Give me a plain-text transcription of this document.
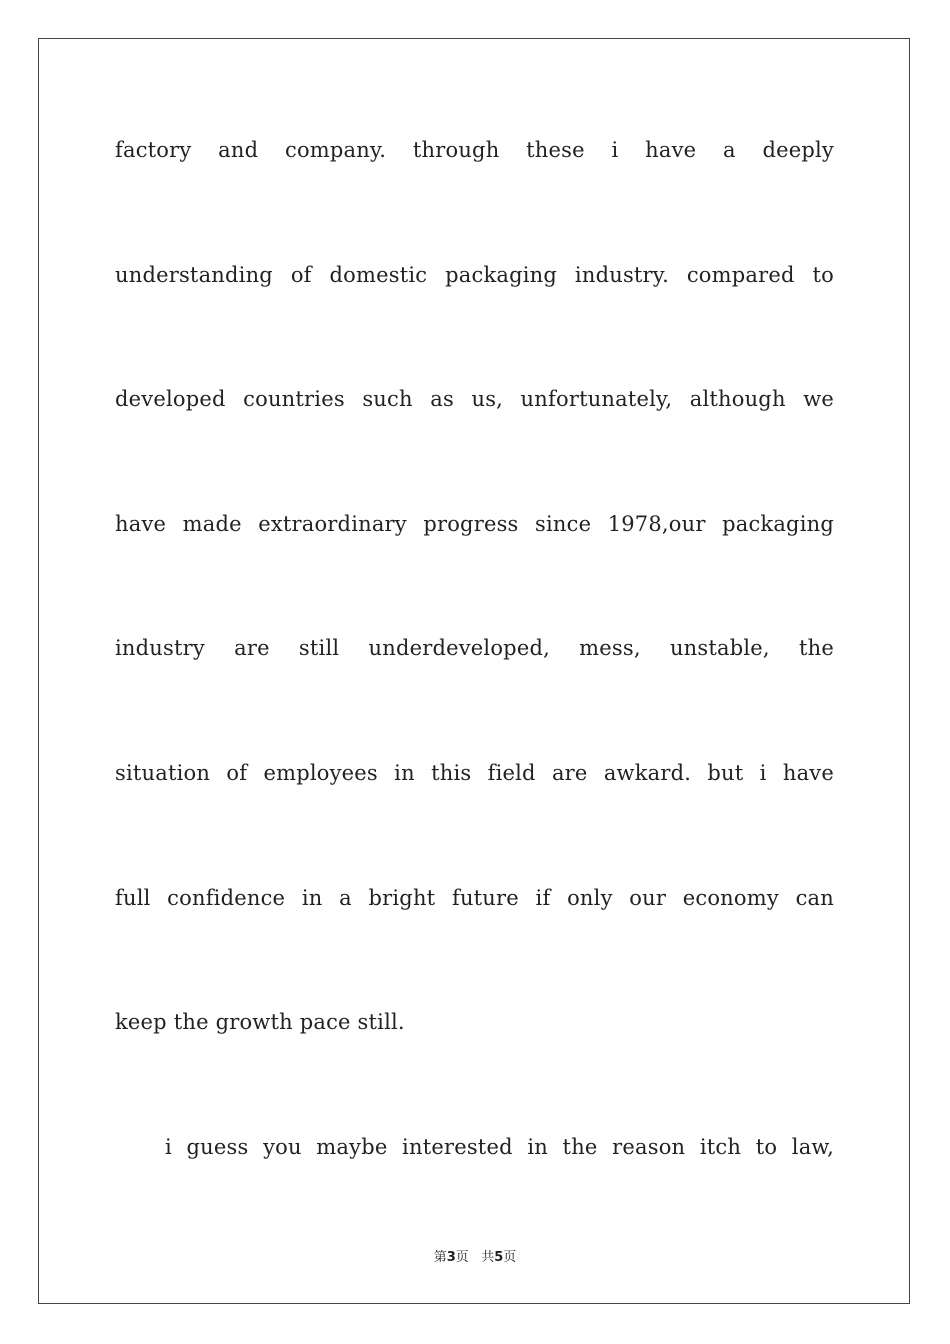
factory and company. through these i have a deeply
understanding of domestic packaging industry. compared to
developed countries such as us, unfortunately, although we
have made extraordinary progress since 1978,our packaging
industry are still underdeveloped, mess, unstable, the
situation of employees in this field are awkard. but i have
full confidence in a bright future if only our economy can
keep the growth pace still.
i guess you maybe interested in the reason itch to law,
第3页 共5页
